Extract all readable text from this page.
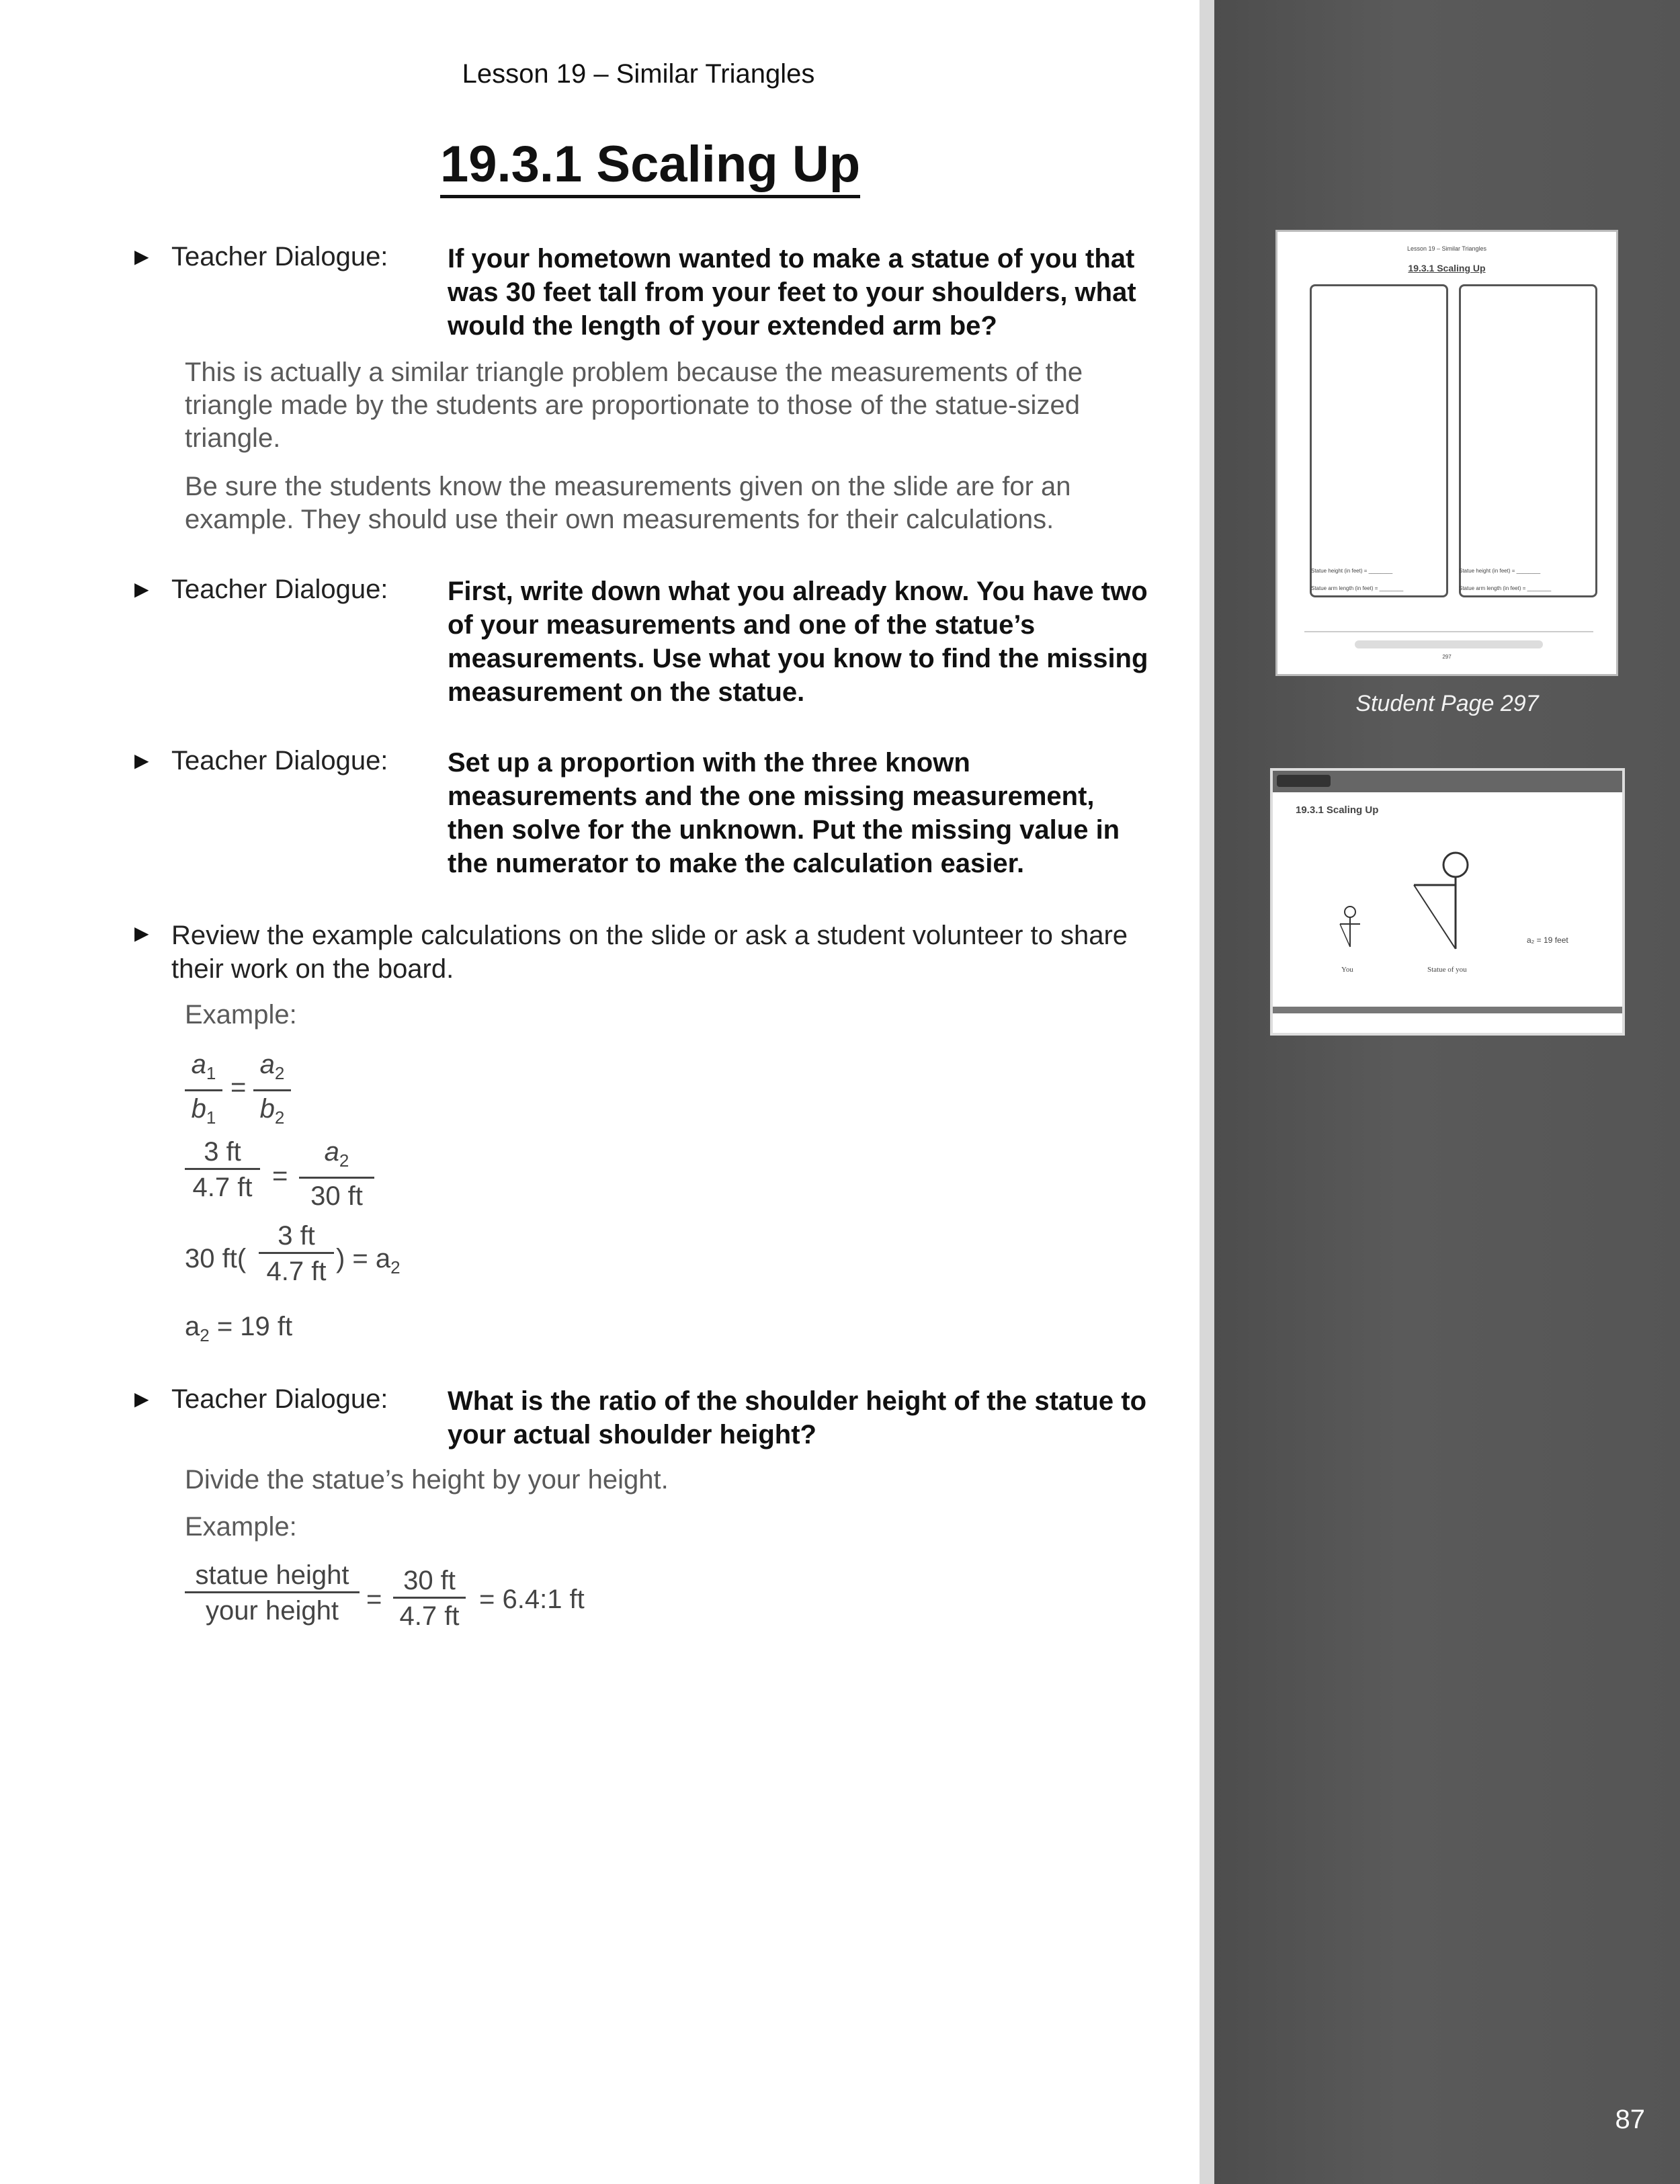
87
Lesson 19 – Similar Triangles
19.3.1 Scaling Up
▶ Teacher Dialogue: If your hometown wanted to make a statue of you that was 30 feet tall from your feet to your shoulders, what would the length of your extended arm be?
This is actually a similar triangle problem because the measurements of the triangle made by the students are proportionate to those of the statue-sized triangle.
Be sure the students know the measurements given on the slide are for an example. They should use their own measurements for their calculations.
▶ Teacher Dialogue: First, write down what you already know. You have two of your measurements and one of the statue’s measurements. Use what you know to find the missing measurement on the statue.
▶ Teacher Dialogue: Set up a proportion with the three known measurements and the one missing measurement, then solve for the unknown. Put the missing value in the numerator to make the calculation easier.
▶ Review the example calculations on the slide or ask a student volunteer to share their work on the board.
Example:
$a_1$
$b_1$
=
$a_2$
$b_2$
3 ft
4.7 ft =
$a_2$
30 ft
30 ft(
3 ft
4.7 ft ) = $a_2$
$a_2 = 19$ ft
▶ Teacher Dialogue: What is the ratio of the shoulder height of the statue to your actual shoulder height?
Divide the statue’s height by your height.
Example:
statue height
your height	=
30 ft
4.7 ft
= 6.4:1 ft
Lesson 19 – Similar Triangles
19.3.1 Scaling Up
Statue height (in feet) = ________	Statue height (in feet) = ________
Statue arm length (in feet) = ________	Statue arm length (in feet) = ________
297
Student Page 297
19.3.1 Scaling Up
You	Statue of you
a₂ = 19 feet
